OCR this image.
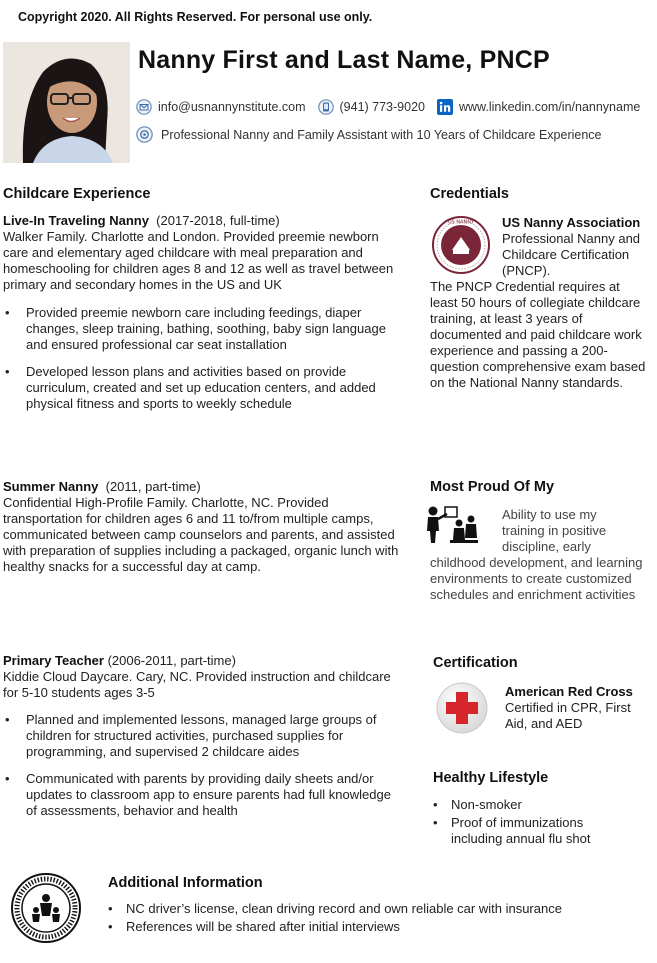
Copyright 2020. All Rights Reserved. For personal use only.
Nanny First and Last Name, PNCP
info@usnannynstitute.com	(941) 773-9020	www.linkedin.com/in/nannyname
Professional Nanny and Family Assistant with 10 Years of Childcare Experience
Childcare Experience
Live-In Traveling Nanny (2017-2018, full-time)
Walker Family. Charlotte and London. Provided preemie newborn care and elementary aged childcare with meal preparation and homeschooling for children ages 8 and 12 as well as travel between primary and secondary homes in the US and UK
• Provided preemie newborn care including feedings, diaper changes, sleep training, bathing, soothing, baby sign language and ensured professional car seat installation
• Developed lesson plans and activities based on provide curriculum, created and set up education centers, and added physical fitness and sports to weekly schedule
Summer Nanny (2011, part-time)
Confidential High-Profile Family. Charlotte, NC. Provided transportation for children ages 6 and 11 to/from multiple camps, communicated between camp counselors and parents, and assisted with preparation of supplies including a packaged, organic lunch with healthy snacks for a successful day at camp.
Primary Teacher (2006-2011, part-time)
Kiddie Cloud Daycare. Cary, NC. Provided instruction and childcare for 5-10 students ages 3-5
• Planned and implemented lessons, managed large groups of children for structured activities, purchased supplies for programming, and supervised 2 childcare aides
• Communicated with parents by providing daily sheets and/or updates to classroom app to ensure parents had full knowledge of assessments, behavior and health
Credentials
US NANNY US Nanny Association
Professional Nanny and Childcare Certification (PNCP).
The PNCP Credential requires at least 50 hours of collegiate childcare training, at least 3 years of documented and paid childcare work experience and passing a 200-question comprehensive exam based on the National Nanny standards.
Most Proud Of My
Ability to use my training in positive discipline, early
childhood development, and learning environments to create customized schedules and enrichment activities
Certification
American Red Cross
Certified in CPR, First Aid, and AED
Healthy Lifestyle
• Non-smoker
• Proof of immunizations including annual flu shot
Additional Information
• NC driver’s license, clean driving record and own reliable car with insurance
• References will be shared after initial interviews
